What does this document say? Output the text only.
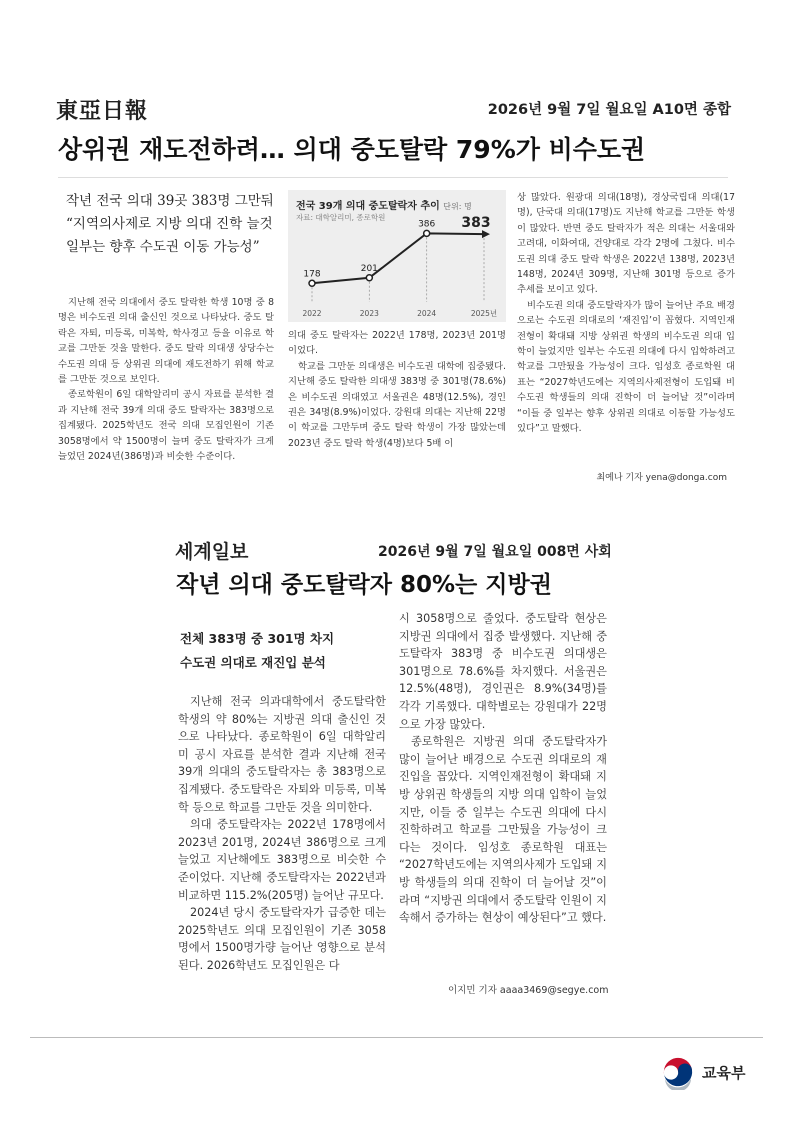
東亞日報	2026년 9월 7일 월요일 A10면 종합
상위권 재도전하려… 의대 중도탈락 79%가 비수도권
작년 전국 의대 39곳 383명 그만둬
“지역의사제로 지방 의대 진학 늘것
일부는 향후 수도권 이동 가능성”

지난해 전국 의대에서 중도 탈락한 학생 10명 중 8명은 비수도권 의대 출신인 것으로 나타났다. 중도 탈락은 자퇴, 미등록, 미복학, 학사경고 등을 이유로 학교를 그만둔 것을 말한다. 중도 탈락 의대생 상당수는 수도권 의대 등 상위권 의대에 재도전하기 위해 학교를 그만둔 것으로 보인다.

종로학원이 6일 대학알리미 공시 자료를 분석한 결과 지난해 전국 39개 의대 중도 탈락자는 383명으로 집계됐다. 2025학년도 전국 의대 모집인원이 기존 3058명에서 약 1500명이 늘며 중도 탈락자가 크게 늘었던 2024년(386명)과 비슷한 수준이다.

전국 39개 의대 중도탈락자 추이 단위: 명
자료: 대학알리미, 종로학원
178
2022
201
2023
386
2024
383
2025년

의대 중도 탈락자는 2022년 178명, 2023년 201명이었다.

학교를 그만둔 의대생은 비수도권 대학에 집중됐다. 지난해 중도 탈락한 의대생 383명 중 301명(78.6%)은 비수도권 의대였고 서울권은 48명(12.5%), 경인권은 34명(8.9%)이었다. 강원대 의대는 지난해 22명이 학교를 그만두며 중도 탈락 학생이 가장 많았는데 2023년 중도 탈락 학생(4명)보다 5배 이

상 많았다. 원광대 의대(18명), 경상국립대 의대(17명), 단국대 의대(17명)도 지난해 학교를 그만둔 학생이 많았다. 반면 중도 탈락자가 적은 의대는 서울대와 고려대, 이화여대, 건양대로 각각 2명에 그쳤다. 비수도권 의대 중도 탈락 학생은 2022년 138명, 2023년 148명, 2024년 309명, 지난해 301명 등으로 증가 추세를 보이고 있다.

비수도권 의대 중도탈락자가 많이 늘어난 주요 배경으로는 수도권 의대로의 ‘재진입’이 꼽혔다. 지역인재전형이 확대돼 지방 상위권 학생의 비수도권 의대 입학이 늘었지만 일부는 수도권 의대에 다시 입학하려고 학교를 그만뒀을 가능성이 크다. 임성호 종로학원 대표는 “2027학년도에는 지역의사제전형이 도입돼 비수도권 학생들의 의대 진학이 더 늘어날 것”이라며 “이들 중 일부는 향후 상위권 의대로 이동할 가능성도 있다”고 말했다.

최예나 기자 yena@donga.com
세계일보	2026년 9월 7일 월요일 008면 사회
작년 의대 중도탈락자 80%는 지방권
전체 383명 중 301명 차지
수도권 의대로 재진입 분석

지난해 전국 의과대학에서 중도탈락한 학생의 약 80%는 지방권 의대 출신인 것으로 나타났다. 종로학원이 6일 대학알리미 공시 자료를 분석한 결과 지난해 전국 39개 의대의 중도탈락자는 총 383명으로 집계됐다. 중도탈락은 자퇴와 미등록, 미복학 등으로 학교를 그만둔 것을 의미한다.

의대 중도탈락자는 2022년 178명에서 2023년 201명, 2024년 386명으로 크게 늘었고 지난해에도 383명으로 비슷한 수준이었다. 지난해 중도탈락자는 2022년과 비교하면 115.2%(205명) 늘어난 규모다.

2024년 당시 중도탈락자가 급증한 데는 2025학년도 의대 모집인원이 기존 3058명에서 1500명가량 늘어난 영향으로 분석된다. 2026학년도 모집인원은 다

시 3058명으로 줄었다. 중도탈락 현상은 지방권 의대에서 집중 발생했다. 지난해 중도탈락자 383명 중 비수도권 의대생은 301명으로 78.6%를 차지했다. 서울권은 12.5%(48명), 경인권은 8.9%(34명)를 각각 기록했다. 대학별로는 강원대가 22명으로 가장 많았다.

종로학원은 지방권 의대 중도탈락자가 많이 늘어난 배경으로 수도권 의대로의 재진입을 꼽았다. 지역인재전형이 확대돼 지방 상위권 학생들의 지방 의대 입학이 늘었지만, 이들 중 일부는 수도권 의대에 다시 진학하려고 학교를 그만뒀을 가능성이 크다는 것이다. 임성호 종로학원 대표는 “2027학년도에는 지역의사제가 도입돼 지방 학생들의 의대 진학이 더 늘어날 것”이라며 “지방권 의대에서 중도탈락 인원이 지속해서 증가하는 현상이 예상된다”고 했다.

이지민 기자 aaaa3469@segye.com
교육부
